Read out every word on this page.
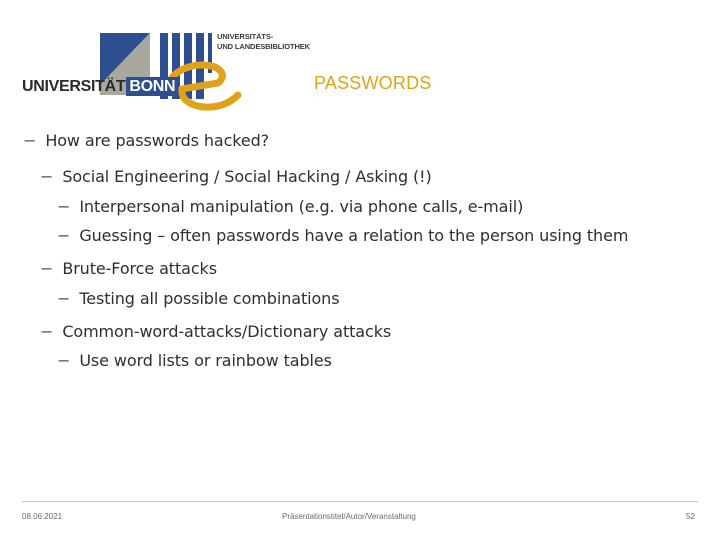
UNIVERSITÄT BONN
UNIVERSITÄTS-
UND LANDESBIBLIOTHEK
PASSWORDS
− How are passwords hacked?
− Social Engineering / Social Hacking / Asking (!)
− Interpersonal manipulation (e.g. via phone calls, e-mail)
− Guessing – often passwords have a relation to the person using them
− Brute-Force attacks
− Testing all possible combinations
− Common-word-attacks/Dictionary attacks
− Use word lists or rainbow tables
08.06.2021	Präsentationstitel/Autor/Veranstaltung	52
